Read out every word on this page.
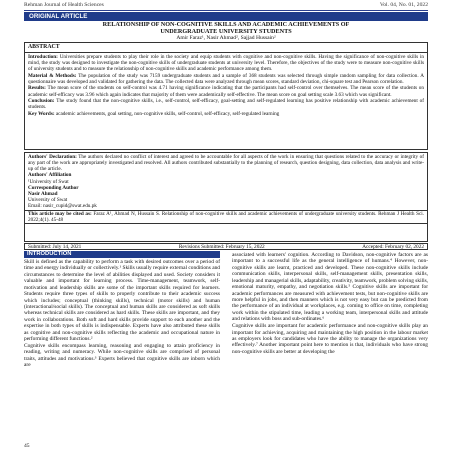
Rehman Journal of Health Sciences	Vol. 04, No. 01, 2022
ORIGINAL ARTICLE
RELATIONSHIP OF NON-COGNITIVE SKILLS AND ACADEMIC ACHIEVEMENTS OF
UNDERGRADUATE UNIVERSITY STUDENTS
Amir Faraz¹, Nasir Ahmad², Sajjad Hussain²
ABSTRACT

Introduction: Universities prepare students to play their role in the society and equip students with cognitive and non-cognitive skills. Having the significance of non-cognitive skills in mind, the study was designed to investigate the non-cognitive skills of undergraduate students at university level. Therefore, the objectives of the study were to measure non-cognitive skills of university students and to measure the relationship of non-cognitive skills and academic performance among them.

Material & Methods: The population of the study was 7159 undergraduate students and a sample of 368 students was selected through simple random sampling for data collection. A questionnaire was developed and validated for gathering the data. The collected data were analyzed through mean scores, standard deviation, chi-square test and Pearson correlation.

Results: The mean score of the students on self-control was 4.71 having significance indicating that the participants had self-control over themselves. The mean score of the students on academic self-efficacy was 3.96 which again indicates that majority of them were academically self-effective. The mean score on goal setting scale 3.63 which was significant.

Conclusion: The study found that the non-cognitive skills, i.e., self-control, self-efficacy, goal-setting and self-regulated learning has positive relationship with academic achievement of students.

Key Words: academic achievements, goal setting, non-cognitive skills, self-control, self-efficacy, self-regulated learning

Authors' Declaration: The authors declared no conflict of interest and agreed to be accountable for all aspects of the work in ensuring that questions related to the accuracy or integrity of any part of the work are appropriately investigated and resolved. All authors contributed substantially to the planning of research, question designing, data collection, data analysis and write-up of the article.

Authors' Affiliation

¹University of Swat

Corresponding Author

Nasir Ahmad

University of Swat

Email: nasir_cupid@swat.edu.pk

This article may be cited as: Faraz A¹, Ahmad N, Hussain S. Relationship of non-cognitive skills and academic achievements of undergraduate university students. Rehman J Health Sci. 2022;4(1). 45-48

Submitted: July 14, 2021	Revisions Submitted: February 15, 2022	Accepted: February 02, 2022
INTRODUCTION

Skill is defined as the capability to perform a task with desired outcomes over a period of time and energy individually or collectively.¹ Skills usually require external conditions and circumstances to determine the level of abilities displayed and used. Society considers it valuable and important for learning process. Time-management, teamwork, self-motivation and leadership skills are some of the important skills required for learners. Students require three types of skills to properly contribute to their academic success which includes; conceptual (thinking skills), technical (motor skills) and human (interactional/social skills). The conceptual and human skills are considered as soft skills whereas technical skills are considered as hard skills. These skills are important, and they work in collaborations. Both soft and hard skills provide support to each another and the expertise in both types of skills is indispensable. Experts have also attributed these skills as cognitive and non-cognitive skills reflecting the academic and occupational nature in performing different functions.²

Cognitive skills encompass learning, reasoning and engaging to attain proficiency in reading, writing and numeracy. While non-cognitive skills are comprised of personal traits, attitudes and motivations.³ Experts believed that cognitive skills are inborn which are

associated with learners' cognition. According to Davidson, non-cognitive factors are as important to a successful life as the general intelligence of humans.⁴ However, non-cognitive skills are learnt, practiced and developed. These non-cognitive skills include communication skills, interpersonal skills, self-management skills, presentation skills, leadership and managerial skills, adaptability, creativity, teamwork, problem solving skills, emotional maturity, empathy, and negotiation skills.⁵ Cognitive skills are important for academic performances are measured with achievement tests, but non-cognitive skills are more helpful in jobs, and then manners which is not very easy but can be predicted from the performance of an individual at workplaces, e.g. coming to office on time, completing work within the stipulated time, leading a working team, interpersonal skills and attitude and relations with boss and sub-ordinates.⁶

Cognitive skills are important for academic performance and non-cognitive skills play an important for achieving, acquiring and maintaining the high position in the labour market as employers look for candidates who have the ability to manage the organizations very effectively.⁷ Another important point here to mention is that, individuals who have strong non-cognitive skills are better at developing the

45
